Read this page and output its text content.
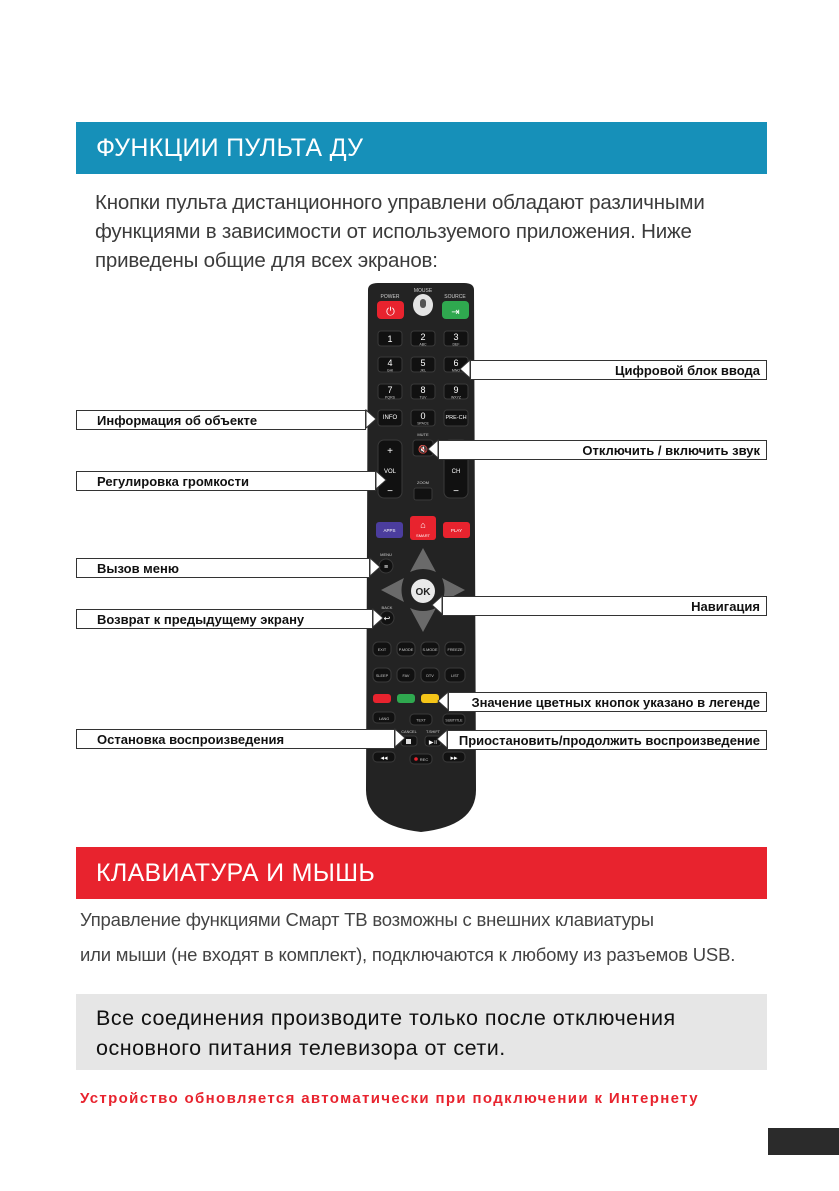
ФУНКЦИИ ПУЛЬТА ДУ

Кнопки пульта дистанционного управлени обладают различными
функциями в зависимости от используемого приложения. Ниже
приведены общие для всех экранов:

POWER
MOUSE
SOURCE
⏻	⇥
1	2
ABC
3
DEF
4
GHI
5
JKL
6
MNO
7
PQRS
8
TUV
9
WXYZ
INFO	0
SPACE
PRE-CH
MUTE
+
VOL
−
🔇
ZOOM
CH
−
APPS
⌂
SMART
PLAY
MENU
≡
OK
BACK
↩
EXIT	P.MODE S.MODE	FREEZE
SLEEP	FAV	DTV	LIST
LANG	TEXT	SUBTITLE
CANCEL T.SHIFT
▶॥
◂◂	REC	▸▸
Цифровой блок ввода
Информация об объекте
Отключить / включить звук
Регулировка громкости
Вызов меню
Навигация
Возврат к предыдущему экрану
Значение цветных кнопок указано в легенде
Остановка воспроизведения	Приостановить/продолжить воспроизведение
КЛАВИАТУРА И МЫШЬ

Управление функциями Смарт ТВ возможны с внешних клавиатуры

или мыши (не входят в комплект), подключаются к любому из разъемов USB.

Все соединения производите только после отключения
основного питания телевизора от сети.

Устройство обновляется автоматически при подключении к Интернету
